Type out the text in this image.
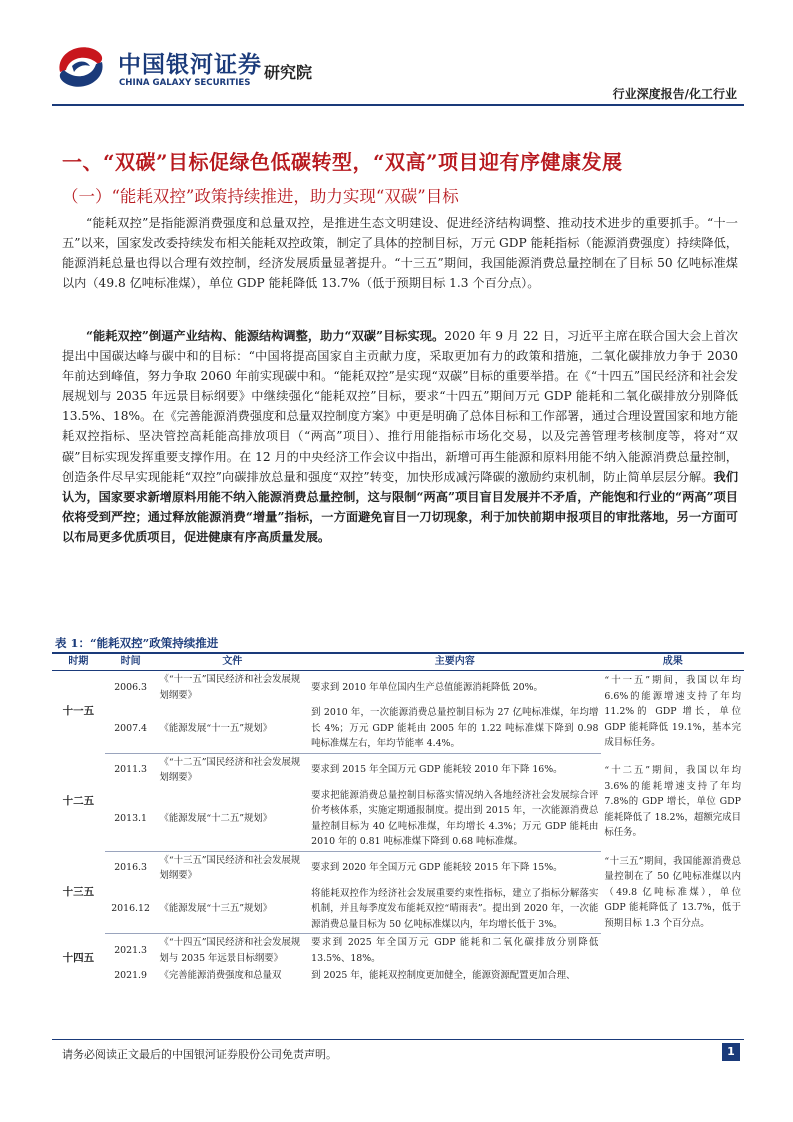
中国银河证券
CHINA GALAXY SECURITIES
研究院
行业深度报告/化工行业
一、“双碳”目标促绿色低碳转型，“双高”项目迎有序健康发展
（一）“能耗双控”政策持续推进，助力实现“双碳”目标
“能耗双控”是指能源消费强度和总量双控，是推进生态文明建设、促进经济结构调整、推动技术进步的重要抓手。“十一五”以来，国家发改委持续发布相关能耗双控政策，制定了具体的控制目标，万元 GDP 能耗指标（能源消费强度）持续降低，能源消耗总量也得以合理有效控制，经济发展质量显著提升。“十三五”期间，我国能源消费总量控制在了目标 50 亿吨标准煤以内（49.8 亿吨标准煤），单位 GDP 能耗降低 13.7%（低于预期目标 1.3 个百分点）。
“能耗双控”倒逼产业结构、能源结构调整，助力“双碳”目标实现。2020 年 9 月 22 日，习近平主席在联合国大会上首次提出中国碳达峰与碳中和的目标：“中国将提高国家自主贡献力度，采取更加有力的政策和措施，二氧化碳排放力争于 2030 年前达到峰值，努力争取 2060 年前实现碳中和。“能耗双控”是实现“双碳”目标的重要举措。在《“十四五”国民经济和社会发展规划与 2035 年远景目标纲要》中继续强化“能耗双控”目标，要求“十四五”期间万元 GDP 能耗和二氧化碳排放分别降低 13.5%、18%。在《完善能源消费强度和总量双控制度方案》中更是明确了总体目标和工作部署，通过合理设置国家和地方能耗双控指标、坚决管控高耗能高排放项目（“两高”项目）、推行用能指标市场化交易，以及完善管理考核制度等，将对“双碳”目标实现发挥重要支撑作用。在 12 月的中央经济工作会议中指出，新增可再生能源和原料用能不纳入能源消费总量控制，创造条件尽早实现能耗“双控”向碳排放总量和强度“双控”转变，加快形成减污降碳的激励约束机制，防止简单层层分解。我们认为，国家要求新增原料用能不纳入能源消费总量控制，这与限制“两高”项目盲目发展并不矛盾，产能饱和行业的“两高”项目依将受到严控；通过释放能源消费“增量”指标，一方面避免盲目一刀切现象，利于加快前期申报项目的审批落地，另一方面可以布局更多优质项目，促进健康有序高质量发展。
表 1：“能耗双控”政策持续推进
时期	时间	文件	主要内容	成果
十一五	2006.3	《“十一五”国民经济和社会发展规划纲要》	要求到 2010 年单位国内生产总值能源消耗降低 20%。	“十一五”期间，我国以年均 6.6%的能源增速支持了年均 11.2%的 GDP 增长，单位 GDP 能耗降低 19.1%，基本完成目标任务。
	2007.4	《能源发展“十一五”规划》	到 2010 年，一次能源消费总量控制目标为 27 亿吨标准煤，年均增长 4%；万元 GDP 能耗由 2005 年的 1.22 吨标准煤下降到 0.98 吨标准煤左右，年均节能率 4.4%。	
十二五	2011.3	《“十二五”国民经济和社会发展规划纲要》	要求到 2015 年全国万元 GDP 能耗较 2010 年下降 16%。	“十二五”期间，我国以年均 3.6%的能耗增速支持了年均 7.8%的 GDP 增长，单位 GDP 能耗降低了 18.2%，超额完成目标任务。
	2013.1	《能源发展“十二五”规划》	要求把能源消费总量控制目标落实情况纳入各地经济社会发展综合评价考核体系，实施定期通报制度。提出到 2015 年，一次能源消费总量控制目标为 40 亿吨标准煤，年均增长 4.3%；万元 GDP 能耗由 2010 年的 0.81 吨标准煤下降到 0.68 吨标准煤。	
十三五	2016.3	《“十三五”国民经济和社会发展规划纲要》	要求到 2020 年全国万元 GDP 能耗较 2015 年下降 15%。	“十三五”期间，我国能源消费总量控制在了 50 亿吨标准煤以内（49.8 亿吨标准煤），单位 GDP 能耗降低了 13.7%，低于预期目标 1.3 个百分点。
	2016.12	《能源发展“十三五”规划》	将能耗双控作为经济社会发展重要约束性指标，建立了指标分解落实机制，并且每季度发布能耗双控“晴雨表”。提出到 2020 年，一次能源消费总量目标为 50 亿吨标准煤以内，年均增长低于 3%。	
十四五	2021.3	《“十四五”国民经济和社会发展规划与 2035 年远景目标纲要》	要求到 2025 年全国万元 GDP 能耗和二氧化碳排放分别降低 13.5%、18%。	
	2021.9	《完善能源消费强度和总量双	到 2025 年，能耗双控制度更加健全，能源资源配置更加合理、	
请务必阅读正文最后的中国银河证券股份公司免责声明。	1
